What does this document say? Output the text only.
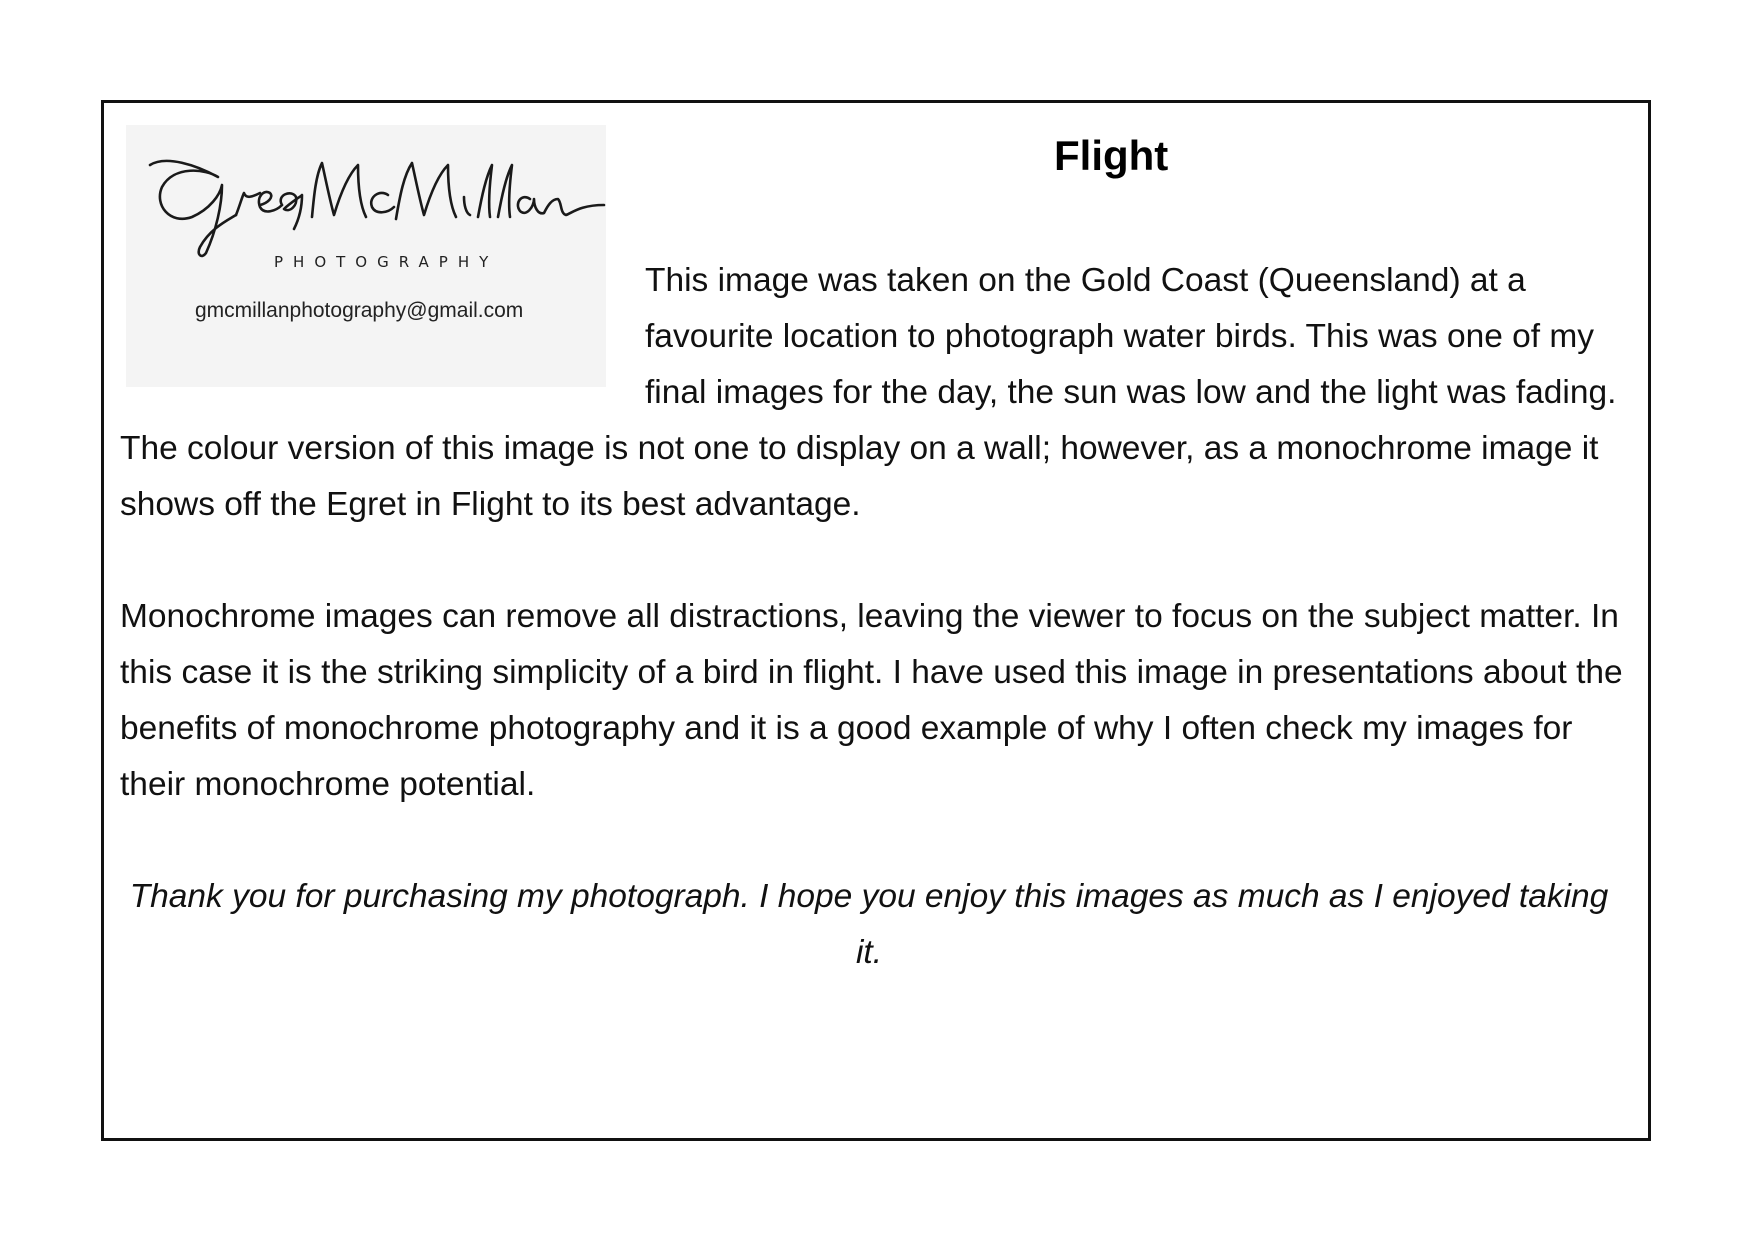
PHOTOGRAPHY
gmcmillanphotography@gmail.com
Flight

This image was taken on the Gold Coast (Queensland) at a favourite location to photograph water birds. This was one of my final images for the day, the sun was low and the light was fading. The colour version of this image is not one to display on a wall; however, as a monochrome image it shows off the Egret in Flight to its best advantage.

Monochrome images can remove all distractions, leaving the viewer to focus on the subject matter. In this case it is the striking simplicity of a bird in flight. I have used this image in presentations about the benefits of monochrome photography and it is a good example of why I often check my images for their monochrome potential.

Thank you for purchasing my photograph. I hope you enjoy this images as much as I enjoyed taking it.
